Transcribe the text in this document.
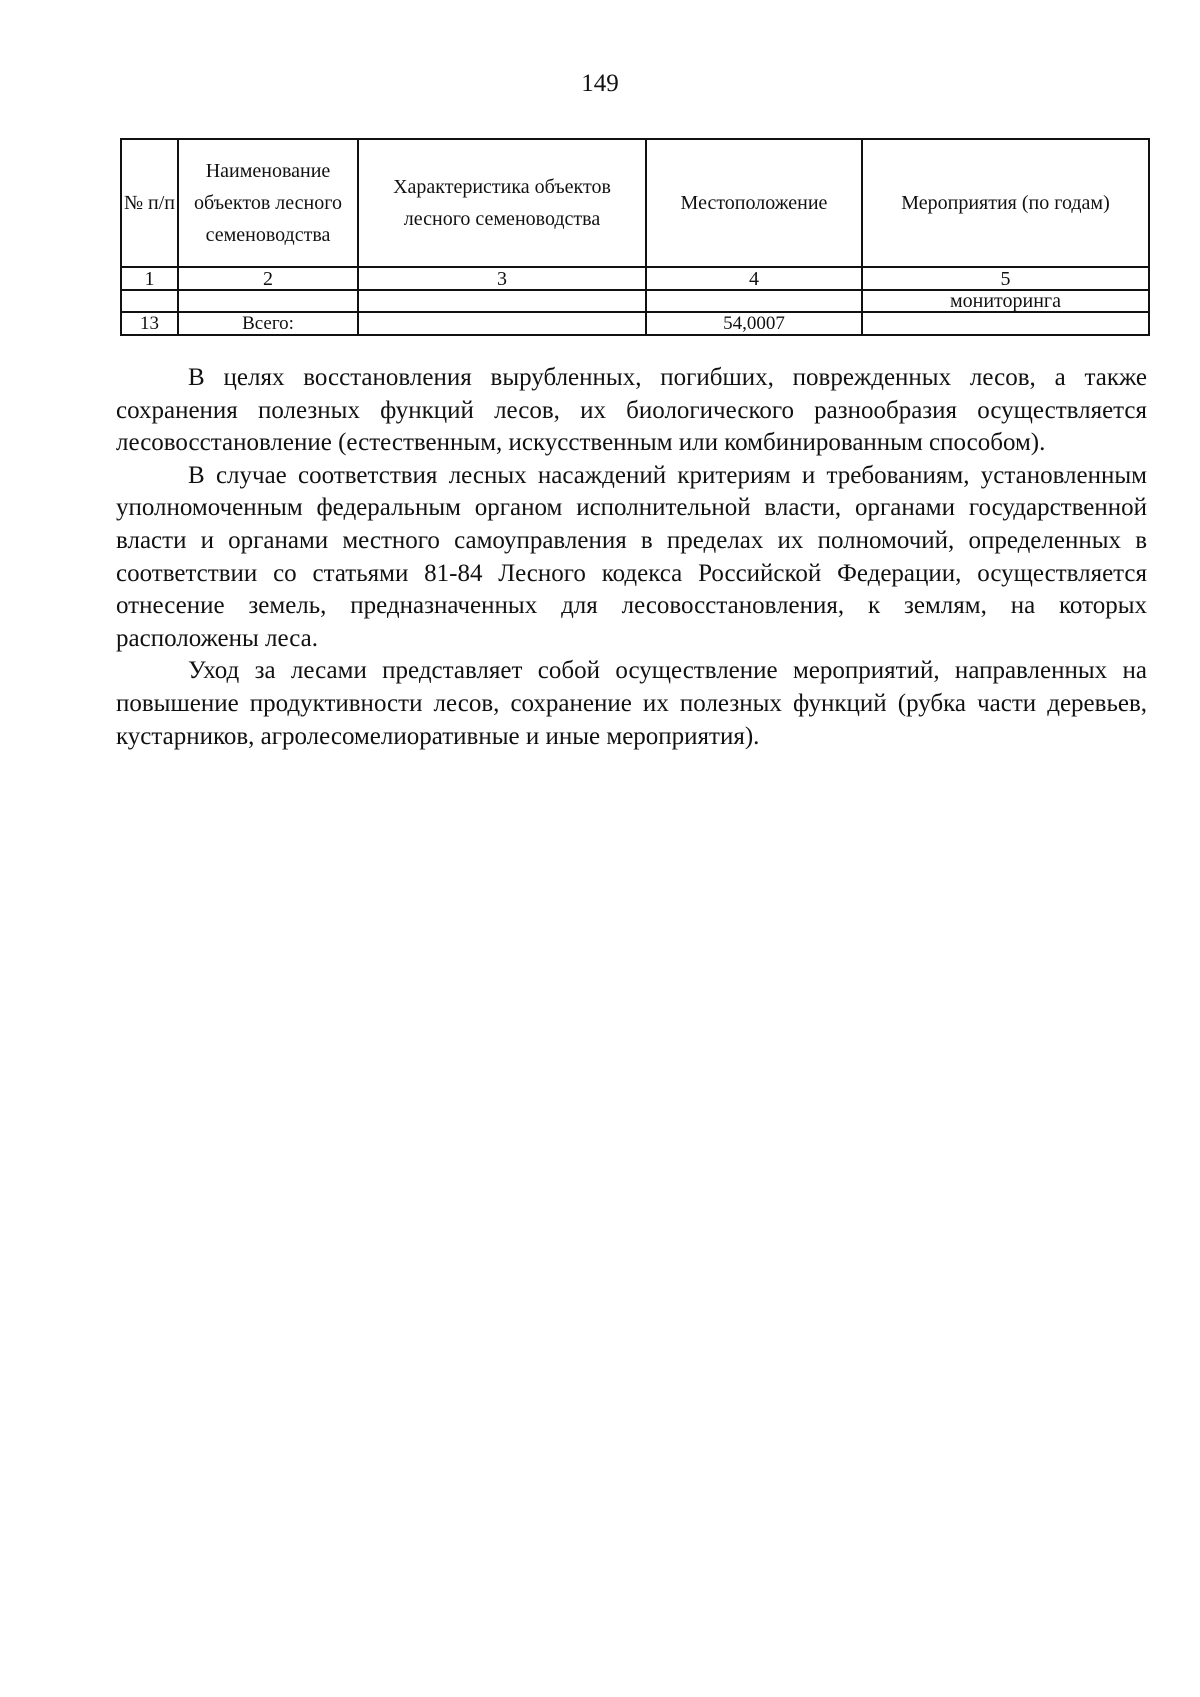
149
№ п/п	Наименование объектов лесного семеноводства	Характеристика объектов лесного семеноводства	Местоположение	Мероприятия (по годам)
1	2	3	4	5
				мониторинга
13	Всего:		54,0007	

В целях восстановления вырубленных, погибших, поврежденных лесов, а также сохранения полезных функций лесов, их биологического разнообразия осуществляется лесовосстановление (естественным, искусственным или комбинированным способом).

В случае соответствия лесных насаждений критериям и требованиям, установленным уполномоченным федеральным органом исполнительной власти, органами государственной власти и органами местного самоуправления в пределах их полномочий, определенных в соответствии со статьями 81-84 Лесного кодекса Российской Федерации, осуществляется отнесение земель, предназначенных для лесовосстановления, к землям, на которых расположены леса.

Уход за лесами представляет собой осуществление мероприятий, направленных на повышение продуктивности лесов, сохранение их полезных функций (рубка части деревьев, кустарников, агролесомелиоративные и иные мероприятия).
